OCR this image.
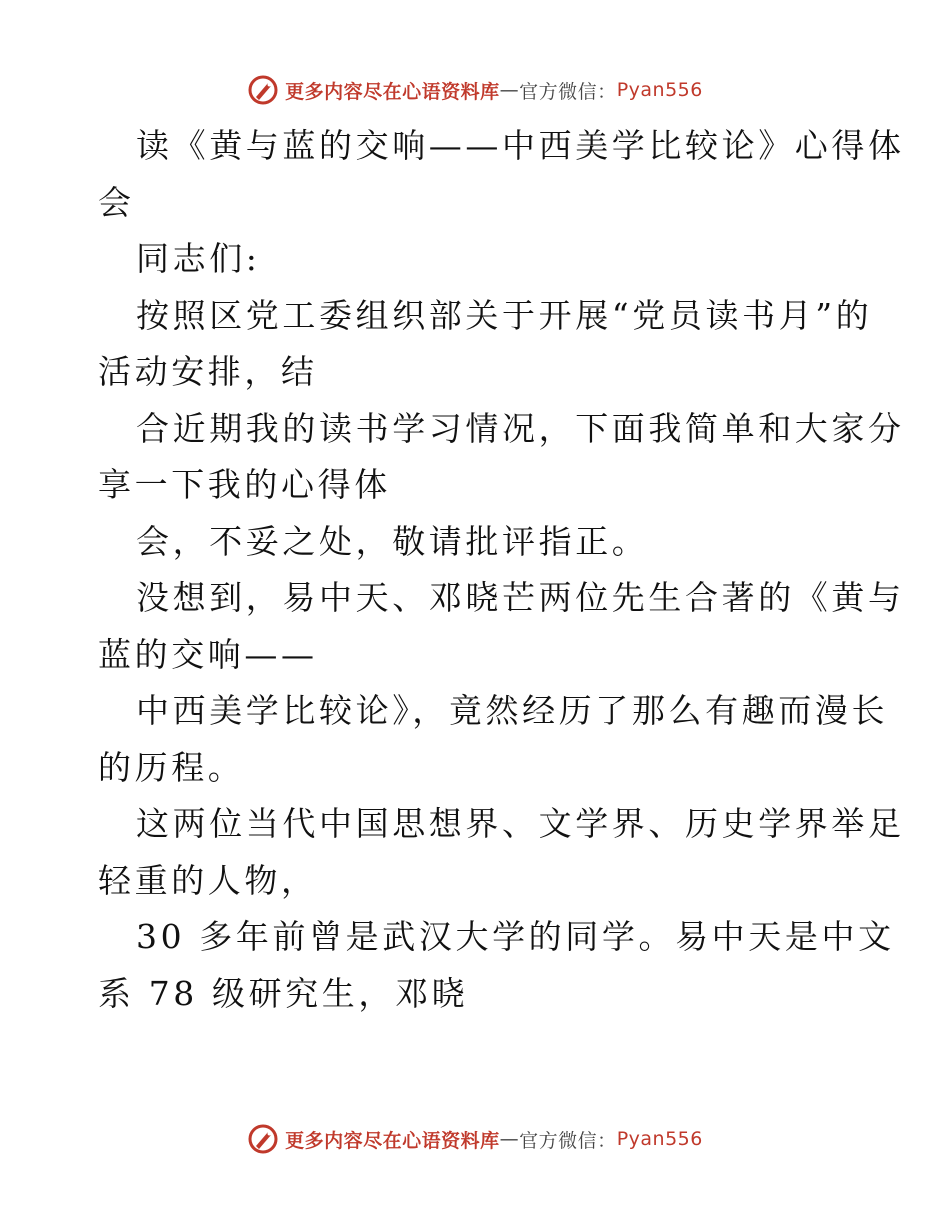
更多内容尽在心语资料库 — 官方微信： Pyan556
读《黄与蓝的交响——中西美学比较论》心得体
会
同志们:
按照区党工委组织部关于开展“党员读书月”的
活动安排，结
合近期我的读书学习情况，下面我简单和大家分
享一下我的心得体
会，不妥之处，敬请批评指正。
没想到，易中天、邓晓芒两位先生合著的《黄与
蓝的交响——
中西美学比较论》，竟然经历了那么有趣而漫长
的历程。
这两位当代中国思想界、文学界、历史学界举足
轻重的人物，
30 多年前曾是武汉大学的同学。易中天是中文
系 78 级研究生，邓晓
更多内容尽在心语资料库 — 官方微信： Pyan556
